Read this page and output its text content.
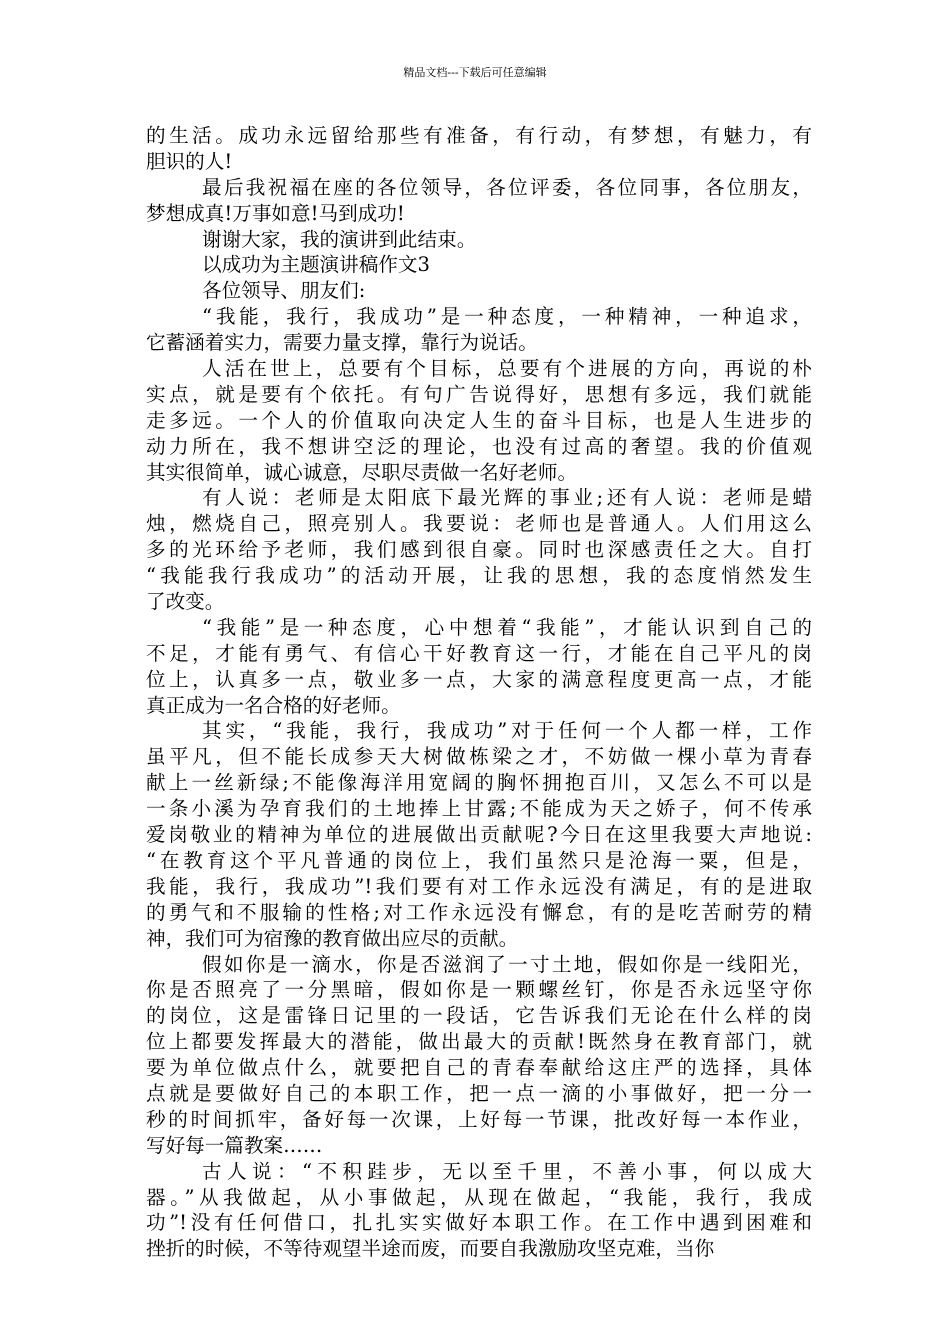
精品文档---下载后可任意编辑
的生活。成功永远留给那些有准备，有行动，有梦想，有魅力，有
胆识的人!
最后我祝福在座的各位领导，各位评委，各位同事，各位朋友，
梦想成真!万事如意!马到成功!
谢谢大家，我的演讲到此结束。
以成功为主题演讲稿作文3
各位领导、朋友们:
“我能，我行，我成功”是一种态度，一种精神，一种追求，
它蓄涵着实力，需要力量支撑，靠行为说话。
人活在世上，总要有个目标，总要有个进展的方向，再说的朴
实点，就是要有个依托。有句广告说得好，思想有多远，我们就能
走多远。一个人的价值取向决定人生的奋斗目标，也是人生进步的
动力所在，我不想讲空泛的理论，也没有过高的奢望。我的价值观
其实很简单，诚心诚意，尽职尽责做一名好老师。
有人说：老师是太阳底下最光辉的事业;还有人说：老师是蜡
烛，燃烧自己，照亮别人。我要说：老师也是普通人。人们用这么
多的光环给予老师，我们感到很自豪。同时也深感责任之大。自打
“我能我行我成功”的活动开展，让我的思想，我的态度悄然发生
了改变。
“我能”是一种态度，心中想着“我能”，才能认识到自己的
不足，才能有勇气、有信心干好教育这一行，才能在自己平凡的岗
位上，认真多一点，敬业多一点，大家的满意程度更高一点，才能
真正成为一名合格的好老师。
其实，“我能，我行，我成功”对于任何一个人都一样，工作
虽平凡，但不能长成参天大树做栋梁之才，不妨做一棵小草为青春
献上一丝新绿;不能像海洋用宽阔的胸怀拥抱百川，又怎么不可以是
一条小溪为孕育我们的土地捧上甘露;不能成为天之娇子，何不传承
爱岗敬业的精神为单位的进展做出贡献呢?今日在这里我要大声地说:
“在教育这个平凡普通的岗位上，我们虽然只是沧海一粟，但是，
我能，我行，我成功”!我们要有对工作永远没有满足，有的是进取
的勇气和不服输的性格;对工作永远没有懈怠，有的是吃苦耐劳的精
神，我们可为宿豫的教育做出应尽的贡献。
假如你是一滴水，你是否滋润了一寸土地，假如你是一线阳光，
你是否照亮了一分黑暗，假如你是一颗螺丝钉，你是否永远坚守你
的岗位，这是雷锋日记里的一段话，它告诉我们无论在什么样的岗
位上都要发挥最大的潜能，做出最大的贡献!既然身在教育部门，就
要为单位做点什么，就要把自己的青春奉献给这庄严的选择，具体
点就是要做好自己的本职工作，把一点一滴的小事做好，把一分一
秒的时间抓牢，备好每一次课，上好每一节课，批改好每一本作业，
写好每一篇教案……
古人说：“不积跬步，无以至千里，不善小事，何以成大
器。”从我做起，从小事做起，从现在做起，“我能，我行，我成
功”!没有任何借口，扎扎实实做好本职工作。在工作中遇到困难和
挫折的时候，不等待观望半途而废，而要自我激励攻坚克难，当你
